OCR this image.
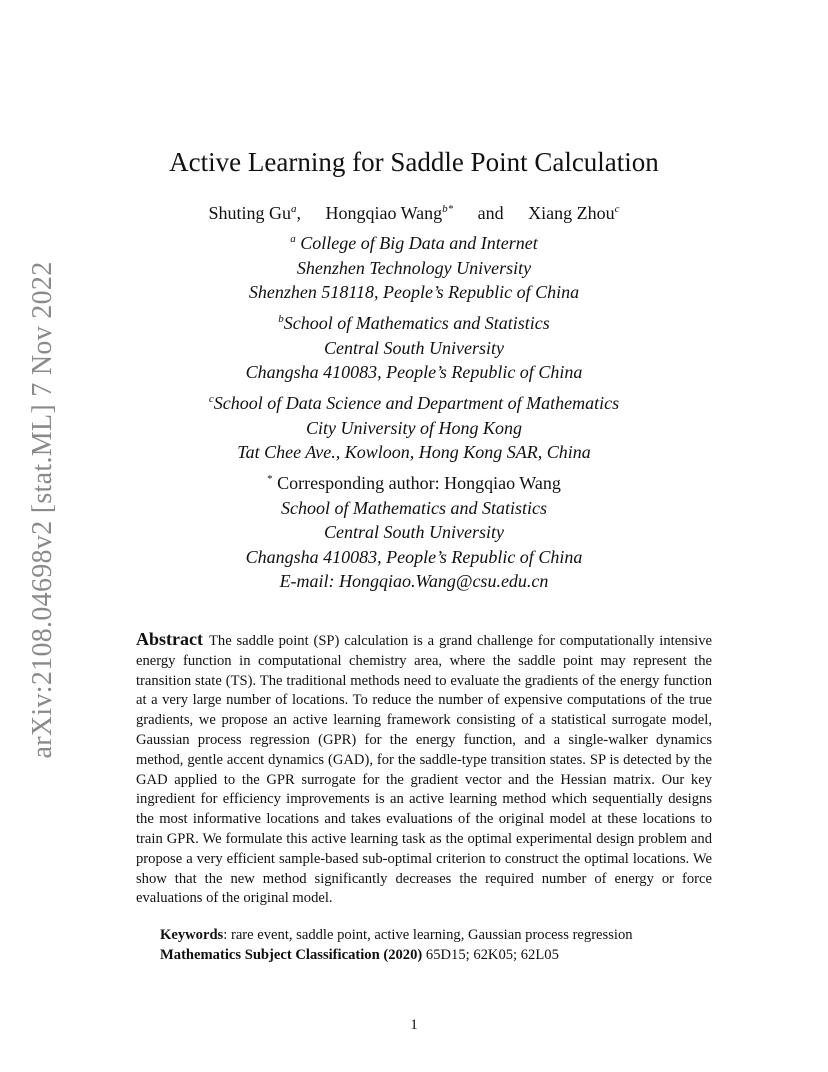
arXiv:2108.04698v2 [stat.ML] 7 Nov 2022
Active Learning for Saddle Point Calculation
Shuting Gu$^a$, Hongqiao Wang$^{b*}$ and Xiang Zhou$^c$
$^a$ College of Big Data and Internet
Shenzhen Technology University
Shenzhen 518118, People’s Republic of China
$^b$School of Mathematics and Statistics
Central South University
Changsha 410083, People’s Republic of China
$^c$School of Data Science and Department of Mathematics
City University of Hong Kong
Tat Chee Ave., Kowloon, Hong Kong SAR, China
* Corresponding author: Hongqiao Wang
School of Mathematics and Statistics
Central South University
Changsha 410083, People’s Republic of China
E-mail: Hongqiao.Wang@csu.edu.cn
Abstract The saddle point (SP) calculation is a grand challenge for computationally intensive energy function in computational chemistry area, where the saddle point may represent the transition state (TS). The traditional methods need to evaluate the gradients of the energy function at a very large number of locations. To reduce the number of expensive computations of the true gradients, we propose an active learning framework consisting of a statistical surrogate model, Gaussian process regression (GPR) for the energy function, and a single-walker dynamics method, gentle accent dynamics (GAD), for the saddle-type transition states. SP is detected by the GAD applied to the GPR surrogate for the gradient vector and the Hessian matrix. Our key ingredient for efficiency improvements is an active learning method which sequentially designs the most informative locations and takes evaluations of the original model at these locations to train GPR. We formulate this active learning task as the optimal experimental design problem and propose a very efficient sample-based sub-optimal criterion to construct the optimal locations. We show that the new method significantly decreases the required number of energy or force evaluations of the original model.
Keywords: rare event, saddle point, active learning, Gaussian process regression
Mathematics Subject Classification (2020) 65D15; 62K05; 62L05
1
